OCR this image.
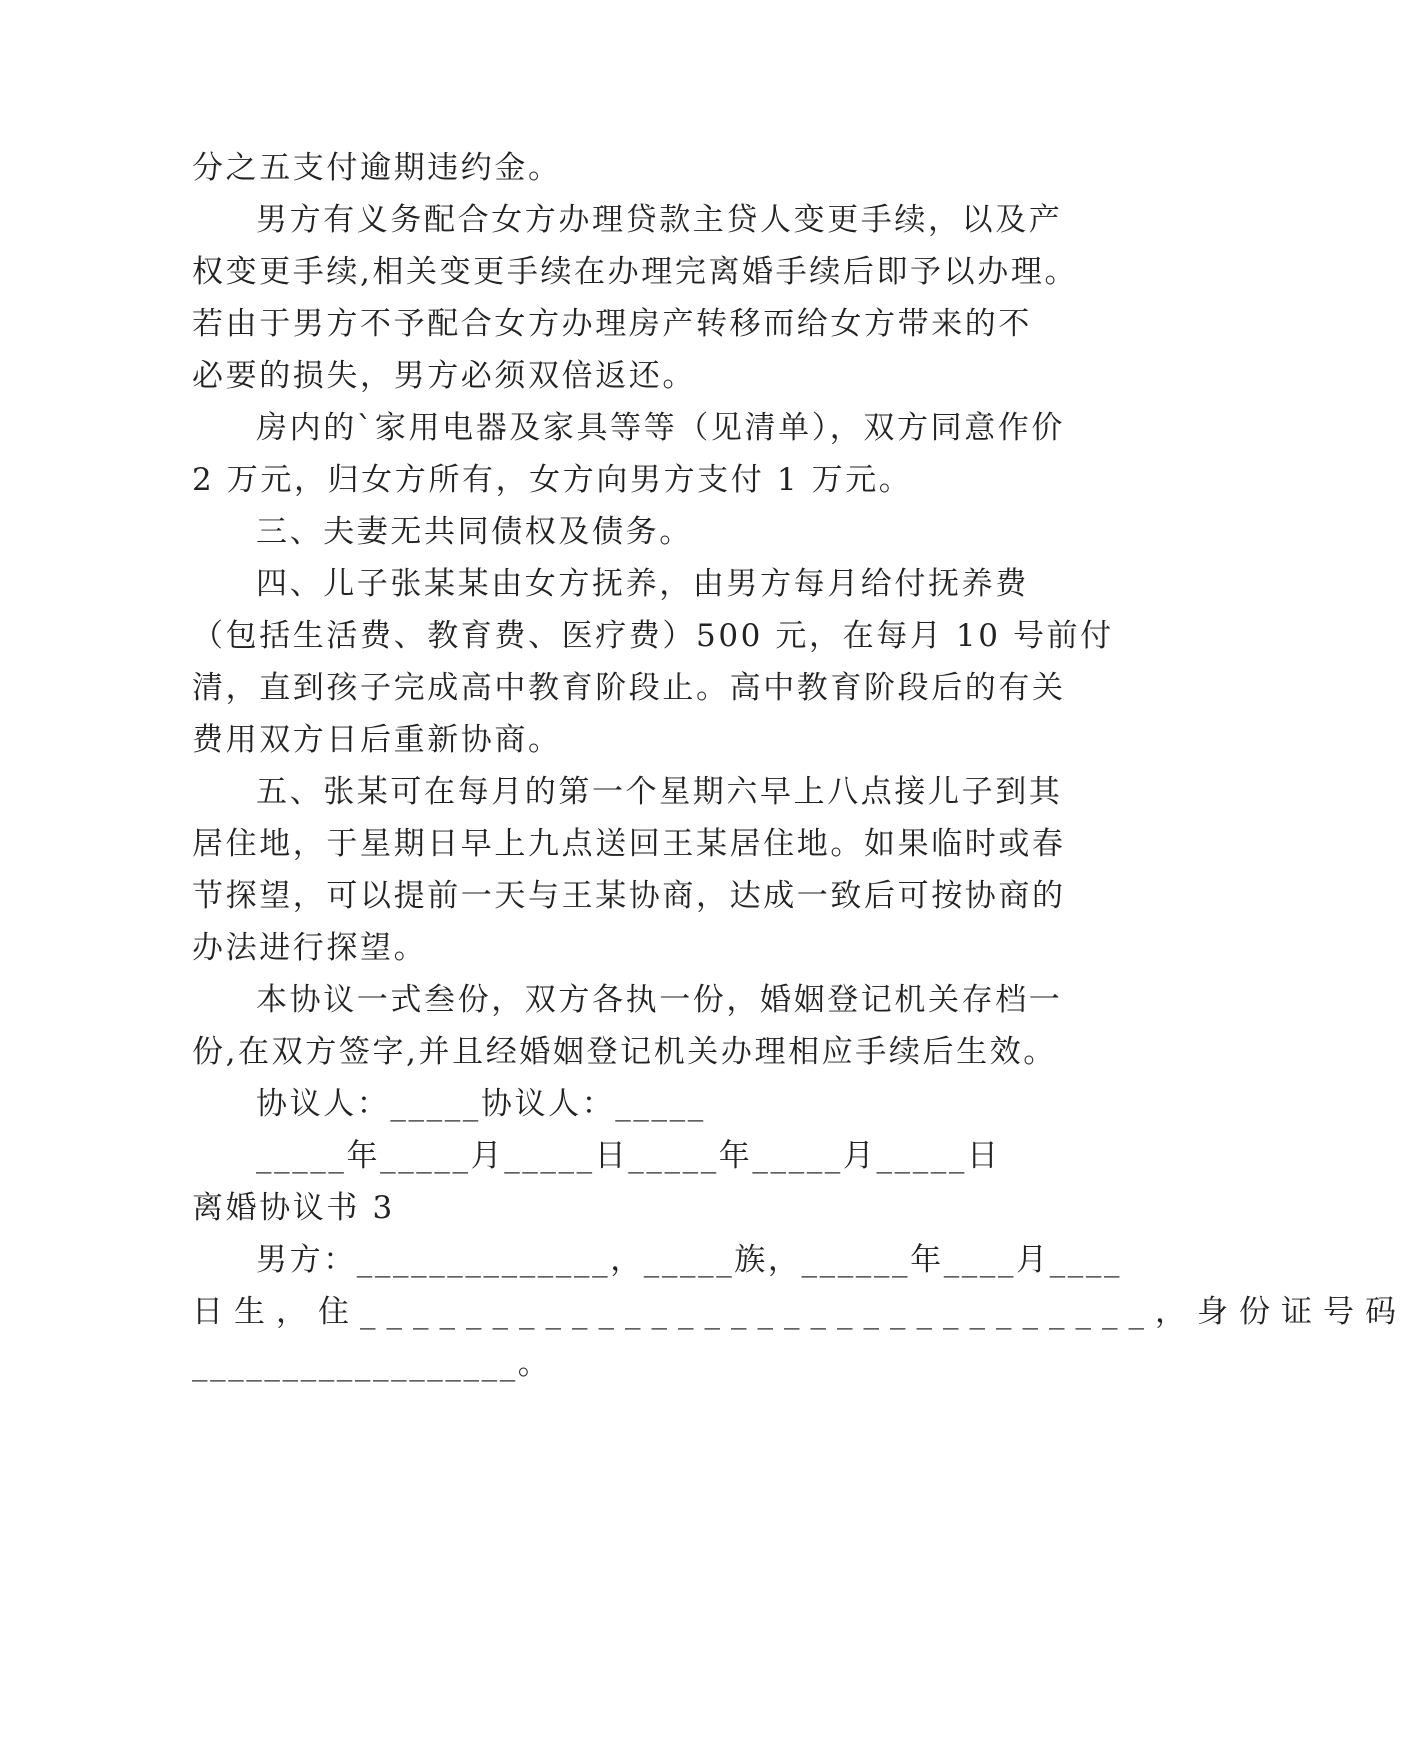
分之五支付逾期违约金。
男方有义务配合女方办理贷款主贷人变更手续，以及产
权变更手续,相关变更手续在办理完离婚手续后即予以办理。
若由于男方不予配合女方办理房产转移而给女方带来的不
必要的损失，男方必须双倍返还。
房内的`家用电器及家具等等（见清单），双方同意作价
2 万元，归女方所有，女方向男方支付 1 万元。
三、夫妻无共同债权及债务。
四、儿子张某某由女方抚养，由男方每月给付抚养费
（包括生活费、教育费、医疗费）500 元，在每月 10 号前付
清，直到孩子完成高中教育阶段止。高中教育阶段后的有关
费用双方日后重新协商。
五、张某可在每月的第一个星期六早上八点接儿子到其
居住地，于星期日早上九点送回王某居住地。如果临时或春
节探望，可以提前一天与王某协商，达成一致后可按协商的
办法进行探望。
本协议一式叁份，双方各执一份，婚姻登记机关存档一
份,在双方签字,并且经婚姻登记机关办理相应手续后生效。
协议人：_____协议人：_____
_____年_____月_____日_____年_____月_____日
离婚协议书 3
男方：______________，_____族，______年____月____
日生，住______________________________，身份证号码
__________________。
